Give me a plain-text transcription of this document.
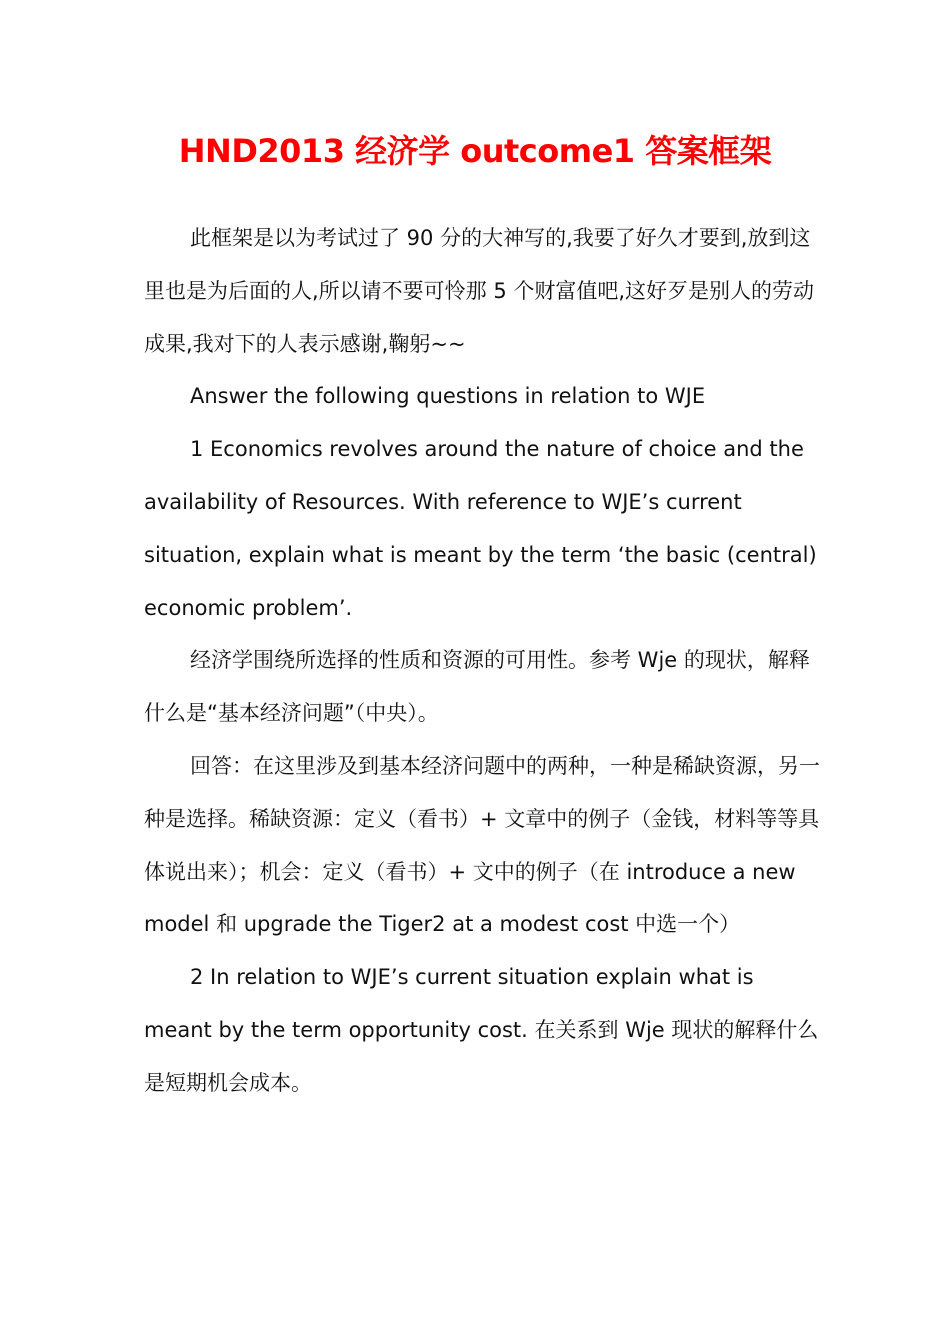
HND2013 经济学 outcome1 答案框架

此框架是以为考试过了 90 分的大神写的,我要了好久才要到,放到这里也是为后面的人,所以请不要可怜那 5 个财富值吧,这好歹是别人的劳动成果,我对下的人表示感谢,鞠躬~~

Answer the following questions in relation to WJE

1 Economics revolves around the nature of choice and the availability of Resources. With reference to WJE’s current situation, explain what is meant by the term ‘the basic (central) economic problem’.

经济学围绕所选择的性质和资源的可用性。参考 Wje 的现状，解释什么是“基本经济问题”（中央）。

回答：在这里涉及到基本经济问题中的两种，一种是稀缺资源，另一种是选择。稀缺资源：定义（看书）+ 文章中的例子（金钱，材料等等具体说出来）；机会：定义（看书）+ 文中的例子（在 introduce a new model 和 upgrade the Tiger2 at a modest cost 中选一个）

2 In relation to WJE’s current situation explain what is meant by the term opportunity cost. 在关系到 Wje 现状的解释什么是短期机会成本。
